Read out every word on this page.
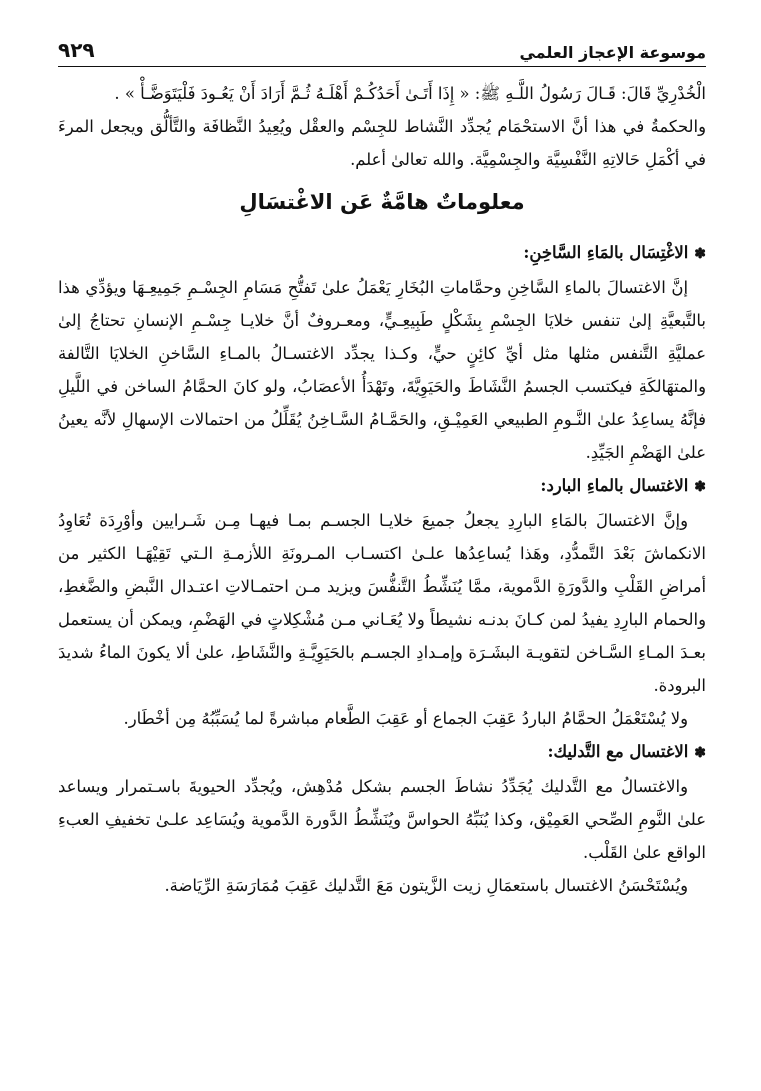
موسوعة الإعجاز العلمي
٩٢٩

الْخُدْرِيِّ قَالَ: قَـالَ رَسُولُ اللَّـهِ ﷺ: « إِذَا أَتَـىٰ أَحَدُكُـمْ أَهْلَـهُ ثُـمَّ أَرَادَ أَنْ يَعُـودَ فَلْيَتَوَضَّـأْ » .

والحكمةُ في هذا أنَّ الاستحْمَام يُجدِّد النَّشاط للجِسْم والعقْل ويُعِيدُ النَّظافَة والتَّألُّق ويجعل المرءَ في أكْمَلِ حَالاتِهِ النَّفْسِيَّة والجِسْمِيَّة. والله تعالىٰ أعلم.

معلوماتٌ هامَّةٌ عَن الاغْتسَالِ

✽الاغْتِسَال بالمَاءِ السَّاخِنِ:

إنَّ الاغتسالَ بالماءِ السَّاخِنِ وحمَّاماتِ البُخَارِ يَعْمَلُ علىٰ تَفتُّحِ مَسَامِ الجِسْـمِ جَمِيعِـهَا ويؤدِّي هذا بالتَّبعيَّةِ إلىٰ تنفس خلايَا الجِسْمِ بِشَكْلٍ طَبِيعِـيٍّ، ومعـروفٌ أنَّ خلايـا جِسْـمِ الإنسانِ تحتاجُ إلىٰ عمليَّةِ التَّنفس مثلها مثل أيِّ كائِنٍ حيٍّ، وكـذا يجدِّد الاغتسـالُ بالمـاءِ السَّاخنِ الخلايَا التَّالفة والمتهَالكَةِ فيكتسب الجسمُ النَّشَاطَ والحَيَوِيَّةَ، وتَهْدَأُ الأعصَابُ، ولو كانَ الحمَّامُ الساخن في اللَّيلِ فإنَّهُ يساعِدُ علىٰ النَّـومِ الطبيعي العَمِيْـقِ، والحَمَّـامُ السَّـاخِنُ يُقَلِّلُ من احتمالات الإسهالِ لأنَّه يعينُ علىٰ الهَضْمِ الجَيِّدِ.

✽الاغتسال بالماءِ البارد:

وإنَّ الاغتسالَ بالمَاءِ البارِدِ يجعلُ جميعَ خلايـا الجسـم بمـا فيهـا مِـن شَـرايين وأوْرِدَة تُعَاوِدُ الانكماشَ بَعْدَ التَّمدُّدِ، وهَذا يُساعِدُها علـىٰ اكتسـاب المـرونَةِ اللأزمـةِ الـتي تَقِيْهَـا الكثير من أمراضِ القَلْبِ والدَّورَةِ الدَّموية، ممَّا يُنَشِّطُ التَّنفُّسَ ويزيد مـن احتمـالاتِ اعتـدال النَّبضِ والضَّغطِ، والحمام البارِدِ يفيدُ لمن كـانَ بدنـه نشيطاً ولا يُعَـاني مـن مُشْكِلاتٍ في الهَضْمِ، ويمكن أن يستعمل بعـدَ المـاءِ السَّـاخن لتقويـة البشَـرَة وإمـدادِ الجسـم بالحَيَوِيَّـةِ والنَّشَاطِ، علىٰ ألا يكونَ الماءُ شديدَ البرودة.

ولا يُسْتَعْمَلُ الحمَّامُ الباردُ عَقِبَ الجماع أو عَقِبَ الطَّعام مباشرةً لما يُسَبِّبُهُ مِن أخْطَار.

✽الاغتسال مع التَّدليك:

والاغتسالُ مع التَّدليك يُجَدِّدُ نشاطَ الجسم بشكل مُدْهِش، ويُجدِّد الحيويةَ باسـتمرار ويساعد علىٰ النَّومِ الصِّحي العَمِيْق، وكذا يُنَبِّهُ الحواسَّ ويُنَشِّطُ الدَّورة الدَّموية ويُسَاعِد علـىٰ تخفيفِ العبءِ الواقع علىٰ القَلْب.

ويُسْتَحْسَنُ الاغتسال باستعمَالِ زيت الزَّيتون مَعَ التَّدليك عَقِبَ مُمَارَسَةِ الرِّيَاضة.
